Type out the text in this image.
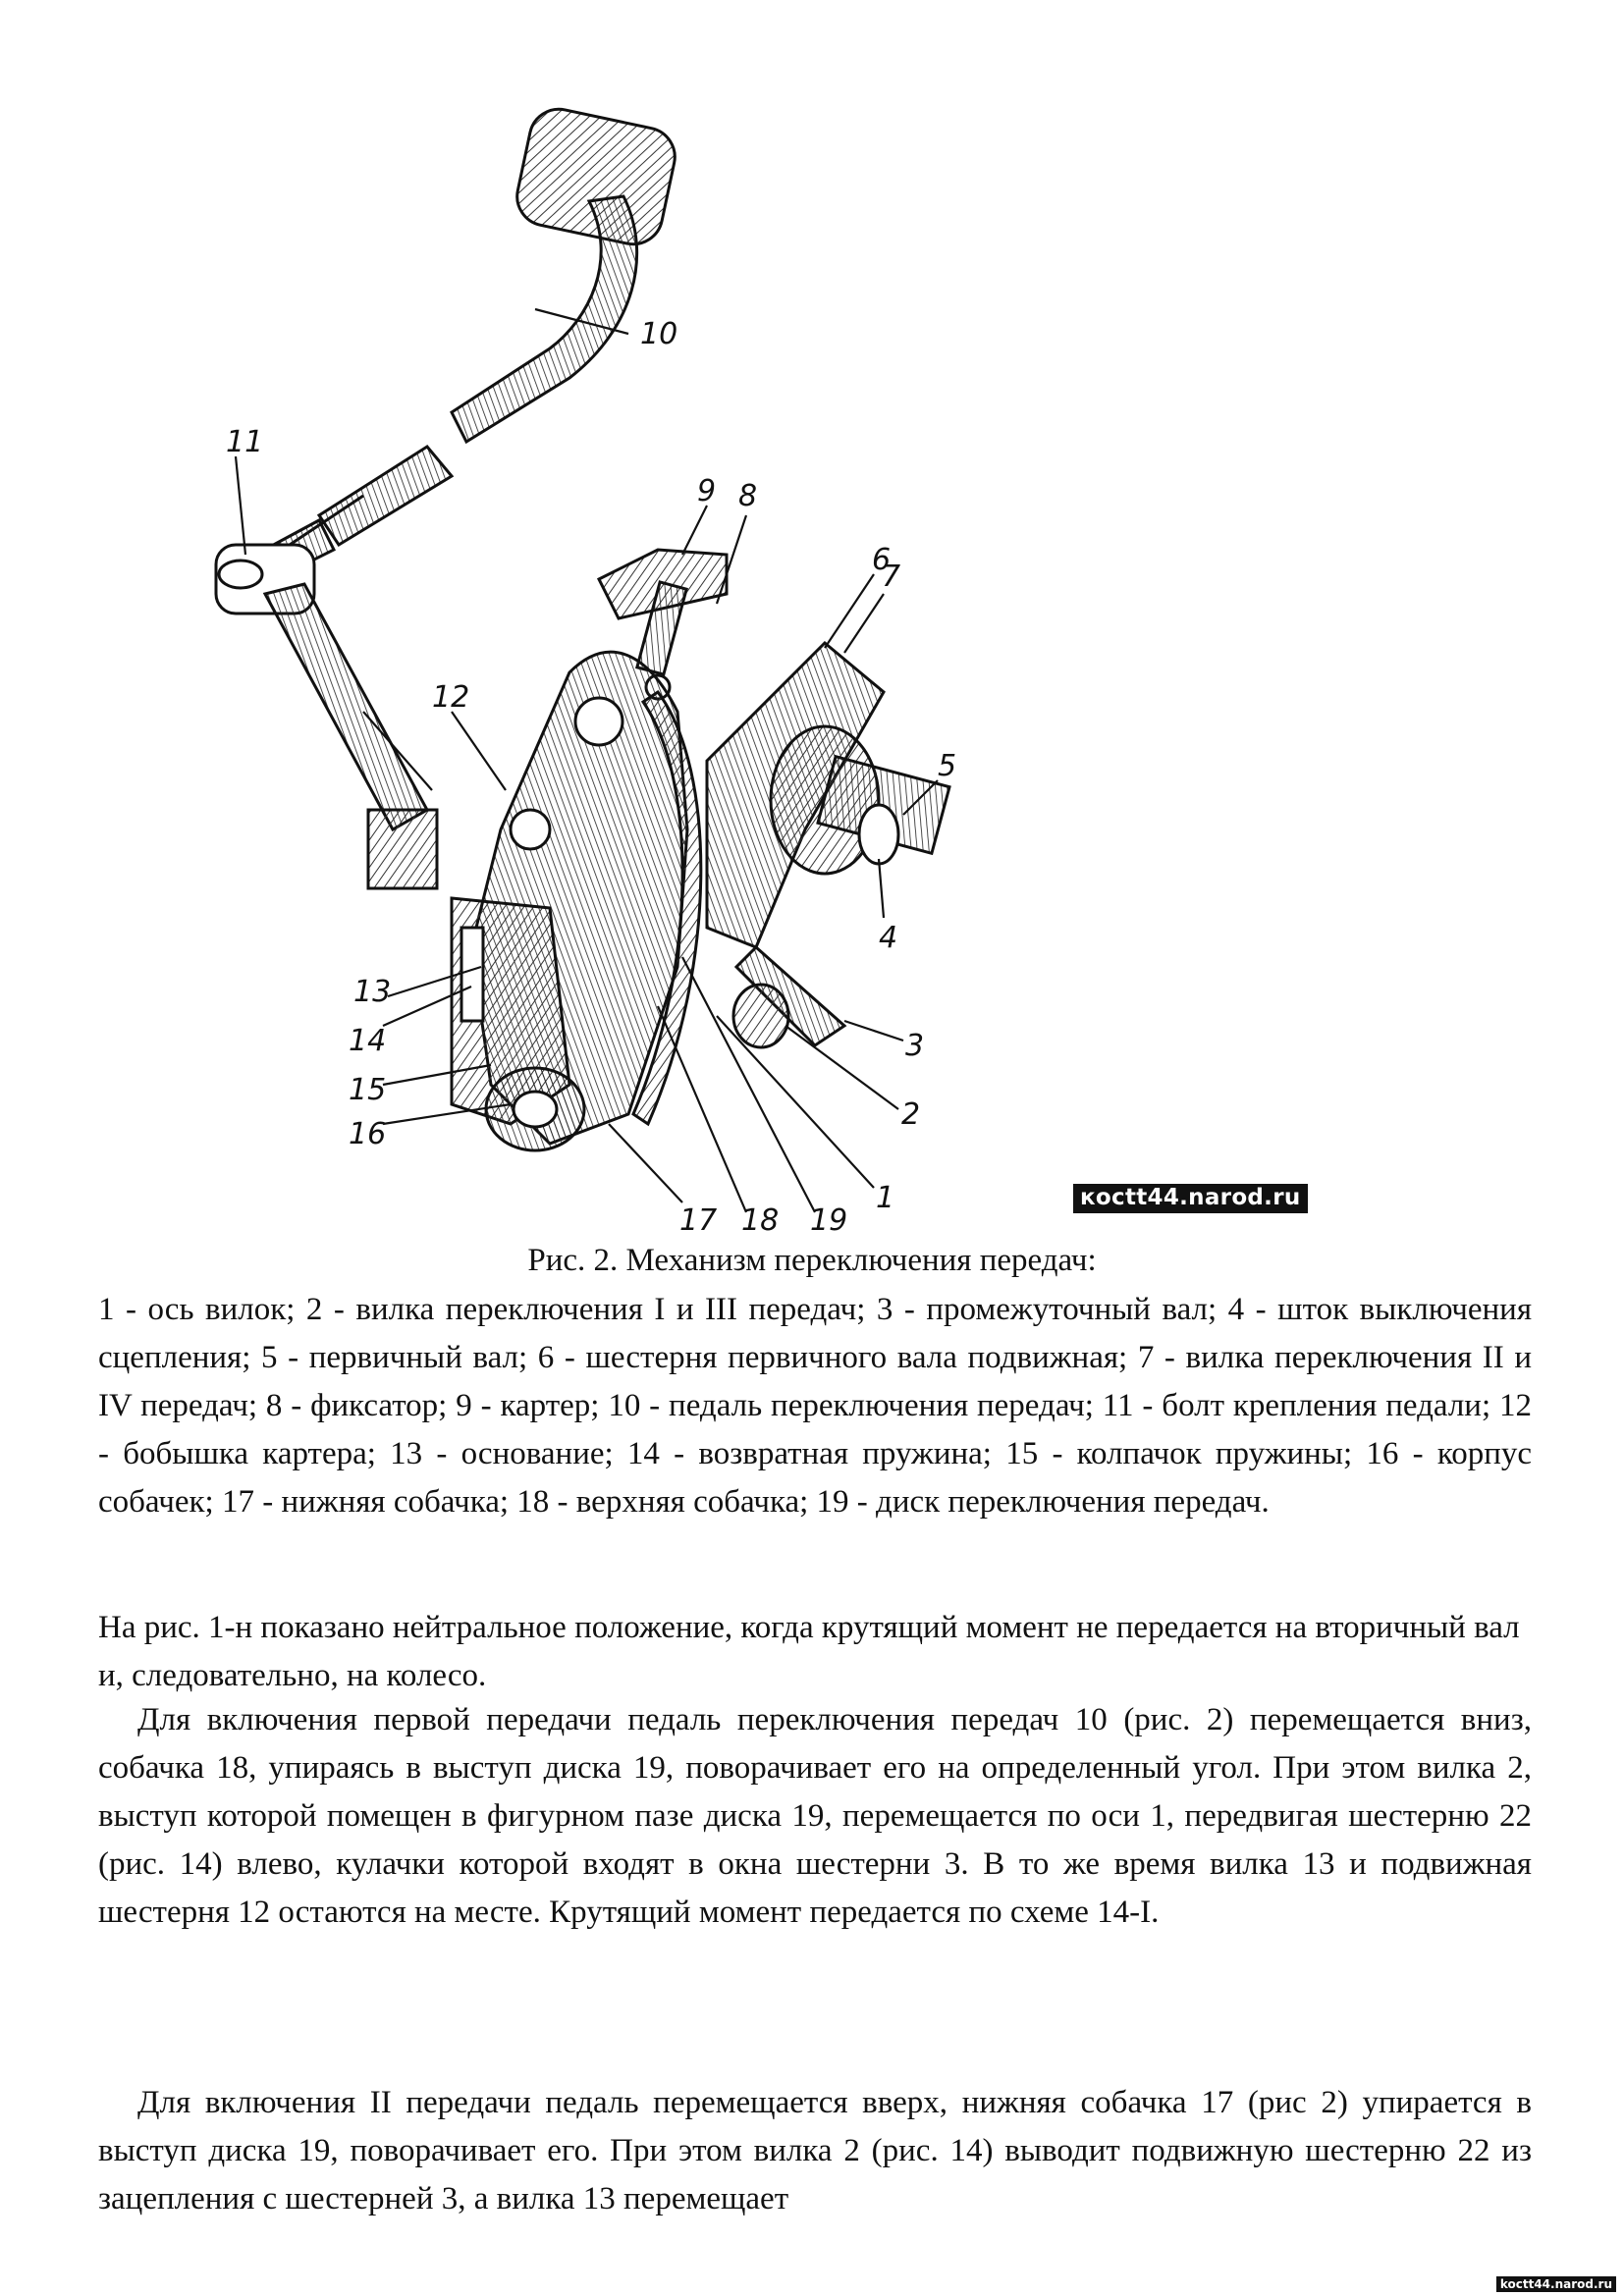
10
11
12
9 8
7
6
5
4
3
2
1
19
18
17
13
14
15
16
коctt44.narod.ru
Рис. 2. Механизм переключения передач:
1 - ось вилок; 2 - вилка переключения I и III передач; 3 - промежуточный вал; 4 - шток выключения сцепления; 5 - первичный вал; 6 - шестерня первичного вала подвижная; 7 - вилка переключения II и IV передач; 8 - фиксатор; 9 - картер; 10 - педаль переключения передач; 11 - болт крепления педали; 12 - бобышка картера; 13 - основание; 14 - возвратная пружина; 15 - колпачок пружины; 16 - корпус собачек; 17 - нижняя собачка; 18 - верхняя собачка; 19 - диск переключения передач.
На рис. 1-н показано нейтральное положение, когда крутящий момент не передается на вторичный вал и, следовательно, на колесо.
Для включения первой передачи педаль переключения передач 10 (рис. 2) перемещается вниз, собачка 18, упираясь в выступ диска 19, поворачивает его на определенный угол. При этом вилка 2, выступ которой помещен в фигурном пазе диска 19, перемещается по оси 1, передвигая шестерню 22 (рис. 14) влево, кулачки которой входят в окна шестерни 3. В то же время вилка 13 и подвижная шестерня 12 остаются на месте. Крутящий момент передается по схеме 14-I.
Для включения II передачи педаль перемещается вверх, нижняя собачка 17 (рис 2) упирается в выступ диска 19, поворачивает его. При этом вилка 2 (рис. 14) выводит подвижную шестерню 22 из зацепления с шестерней 3, а вилка 13 перемещает
koctt44.narod.ru
